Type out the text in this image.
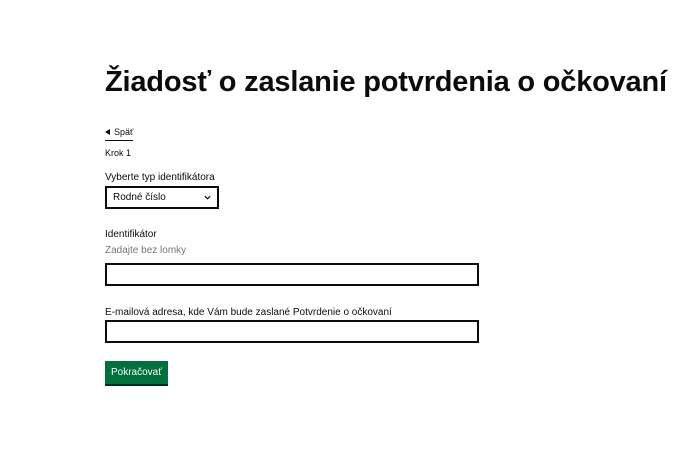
Žiadosť o zaslanie potvrdenia o očkovaní
Späť
Krok 1
Vyberte typ identifikátora
Rodné číslo
Identifikátor
Zadajte bez lomky
E-mailová adresa, kde Vám bude zaslané Potvrdenie o očkovaní
Pokračovať
